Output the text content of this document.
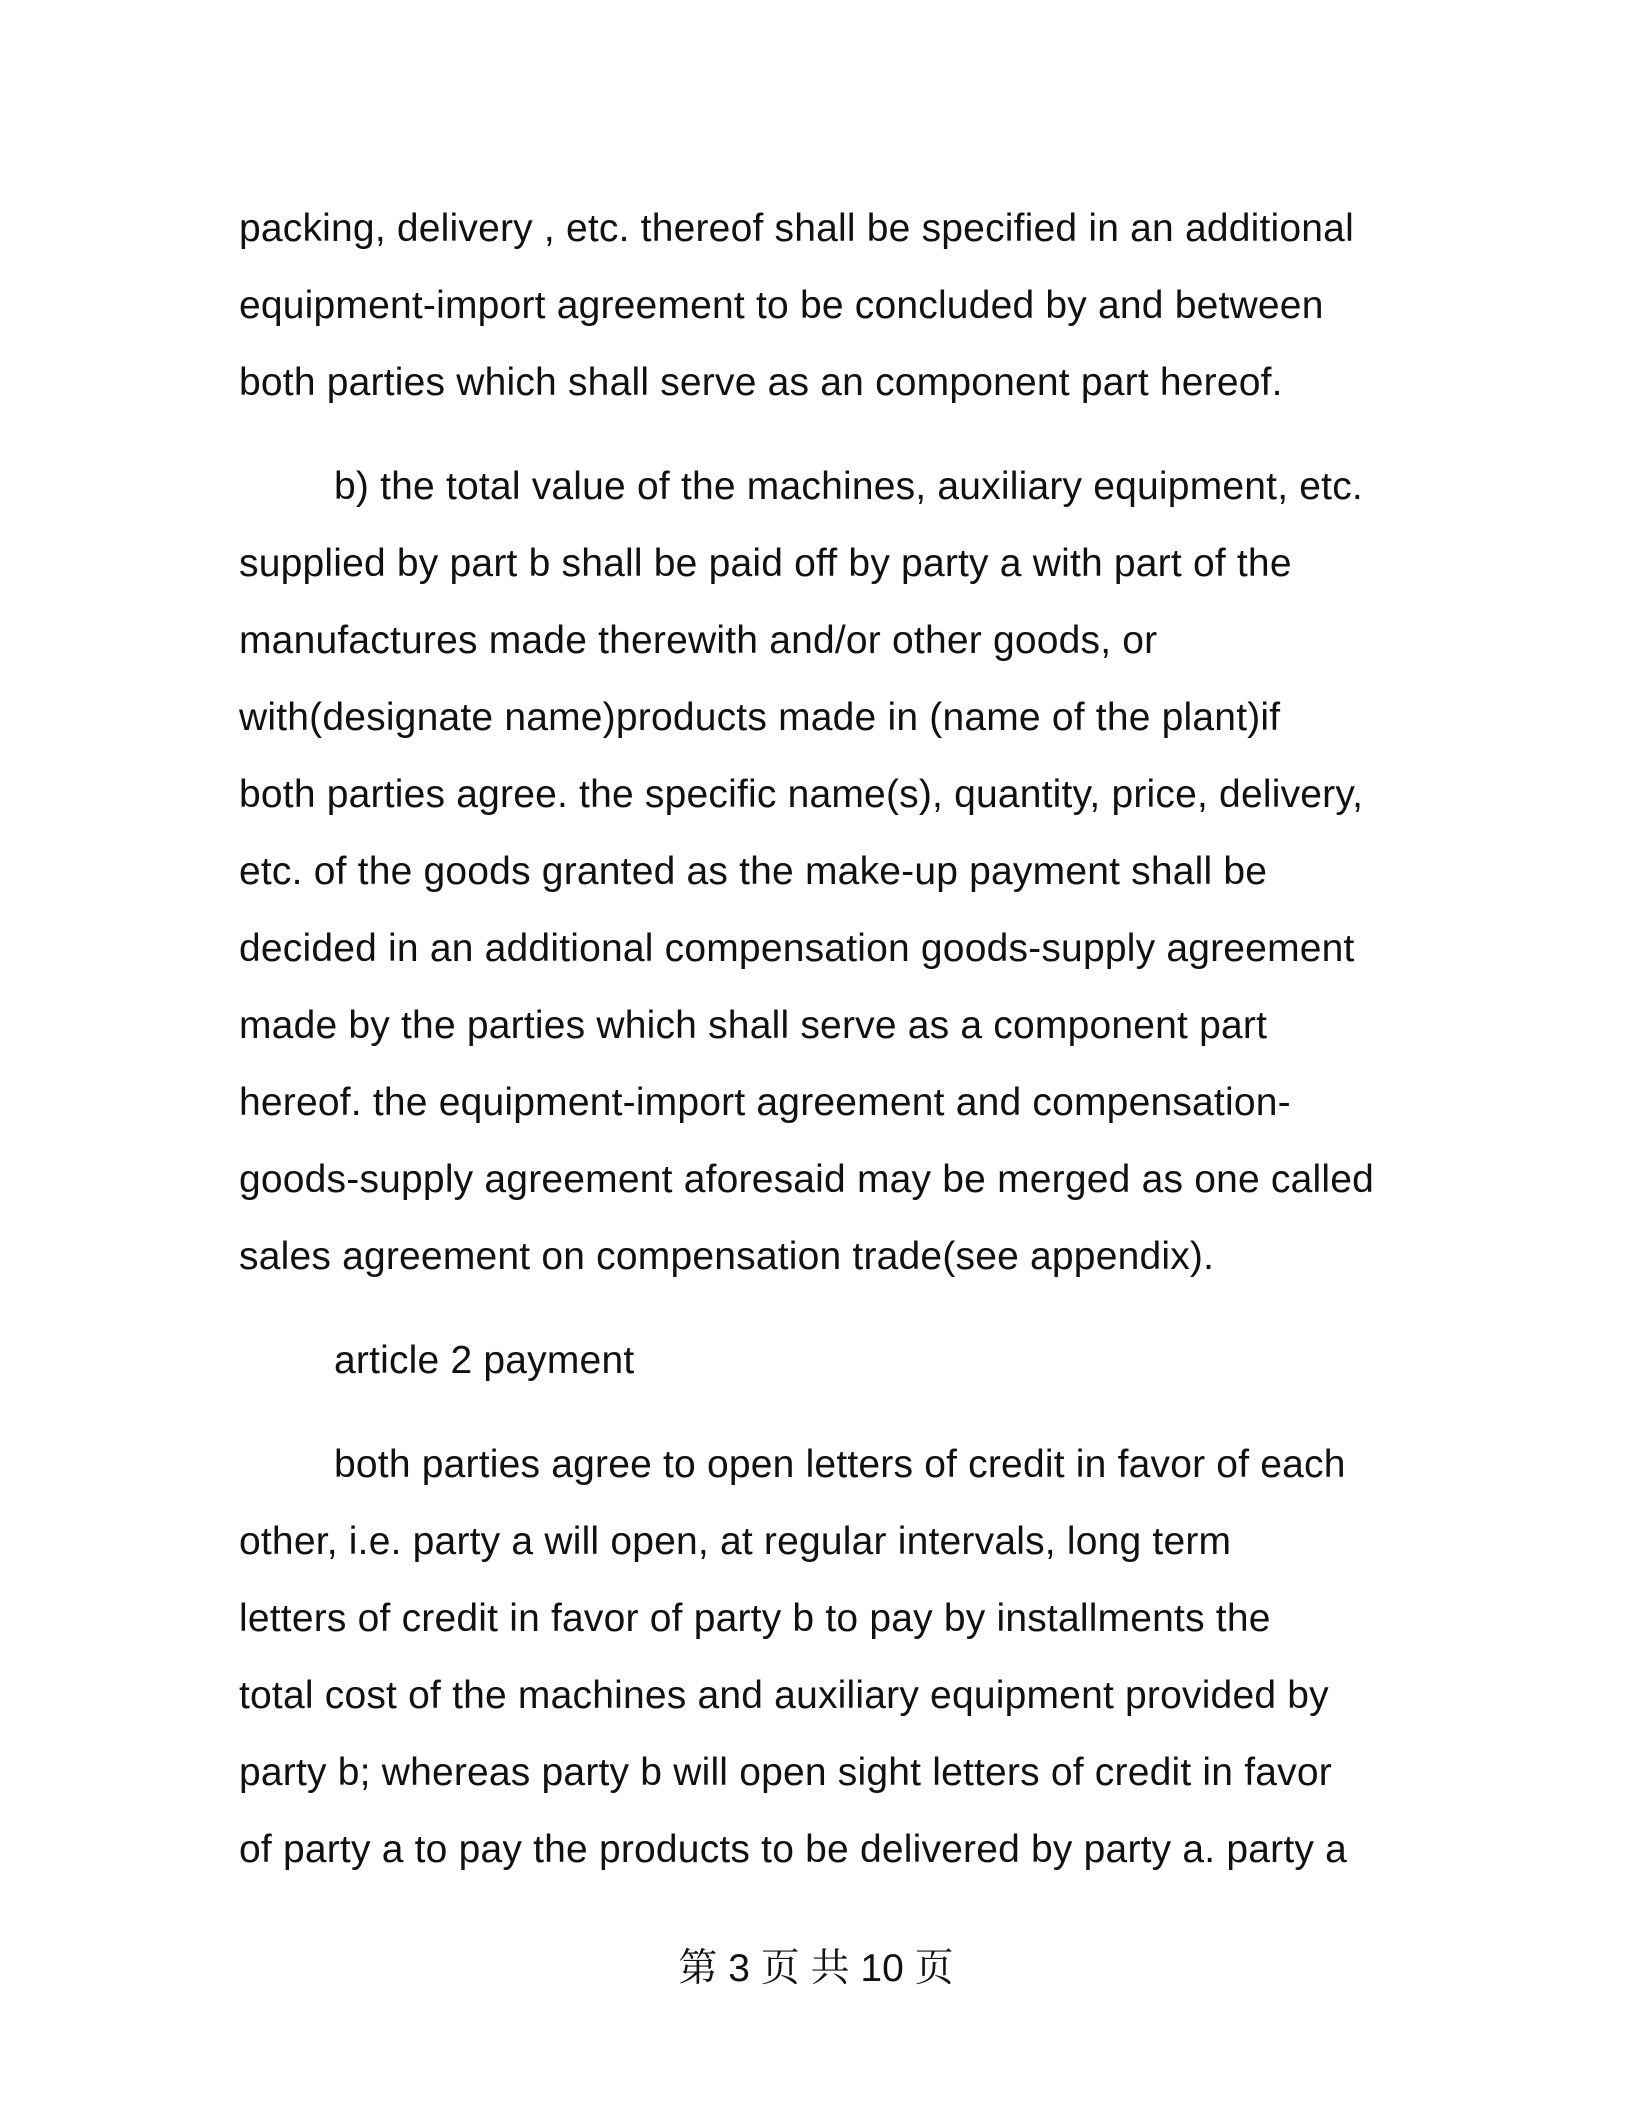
packing, delivery , etc. thereof shall be specified in an additional
equipment-import agreement to be concluded by and between
both parties which shall serve as an component part hereof.
b) the total value of the machines, auxiliary equipment, etc.
supplied by part b shall be paid off by party a with part of the
manufactures made therewith and/or other goods, or
with(designate name)products made in (name of the plant)if
both parties agree. the specific name(s), quantity, price, delivery,
etc. of the goods granted as the make-up payment shall be
decided in an additional compensation goods-supply agreement
made by the parties which shall serve as a component part
hereof. the equipment-import agreement and compensation-
goods-supply agreement aforesaid may be merged as one called
sales agreement on compensation trade(see appendix).
article 2 payment
both parties agree to open letters of credit in favor of each
other, i.e. party a will open, at regular intervals, long term
letters of credit in favor of party b to pay by installments the
total cost of the machines and auxiliary equipment provided by
party b; whereas party b will open sight letters of credit in favor
of party a to pay the products to be delivered by party a. party a
第 3 页 共 10 页
